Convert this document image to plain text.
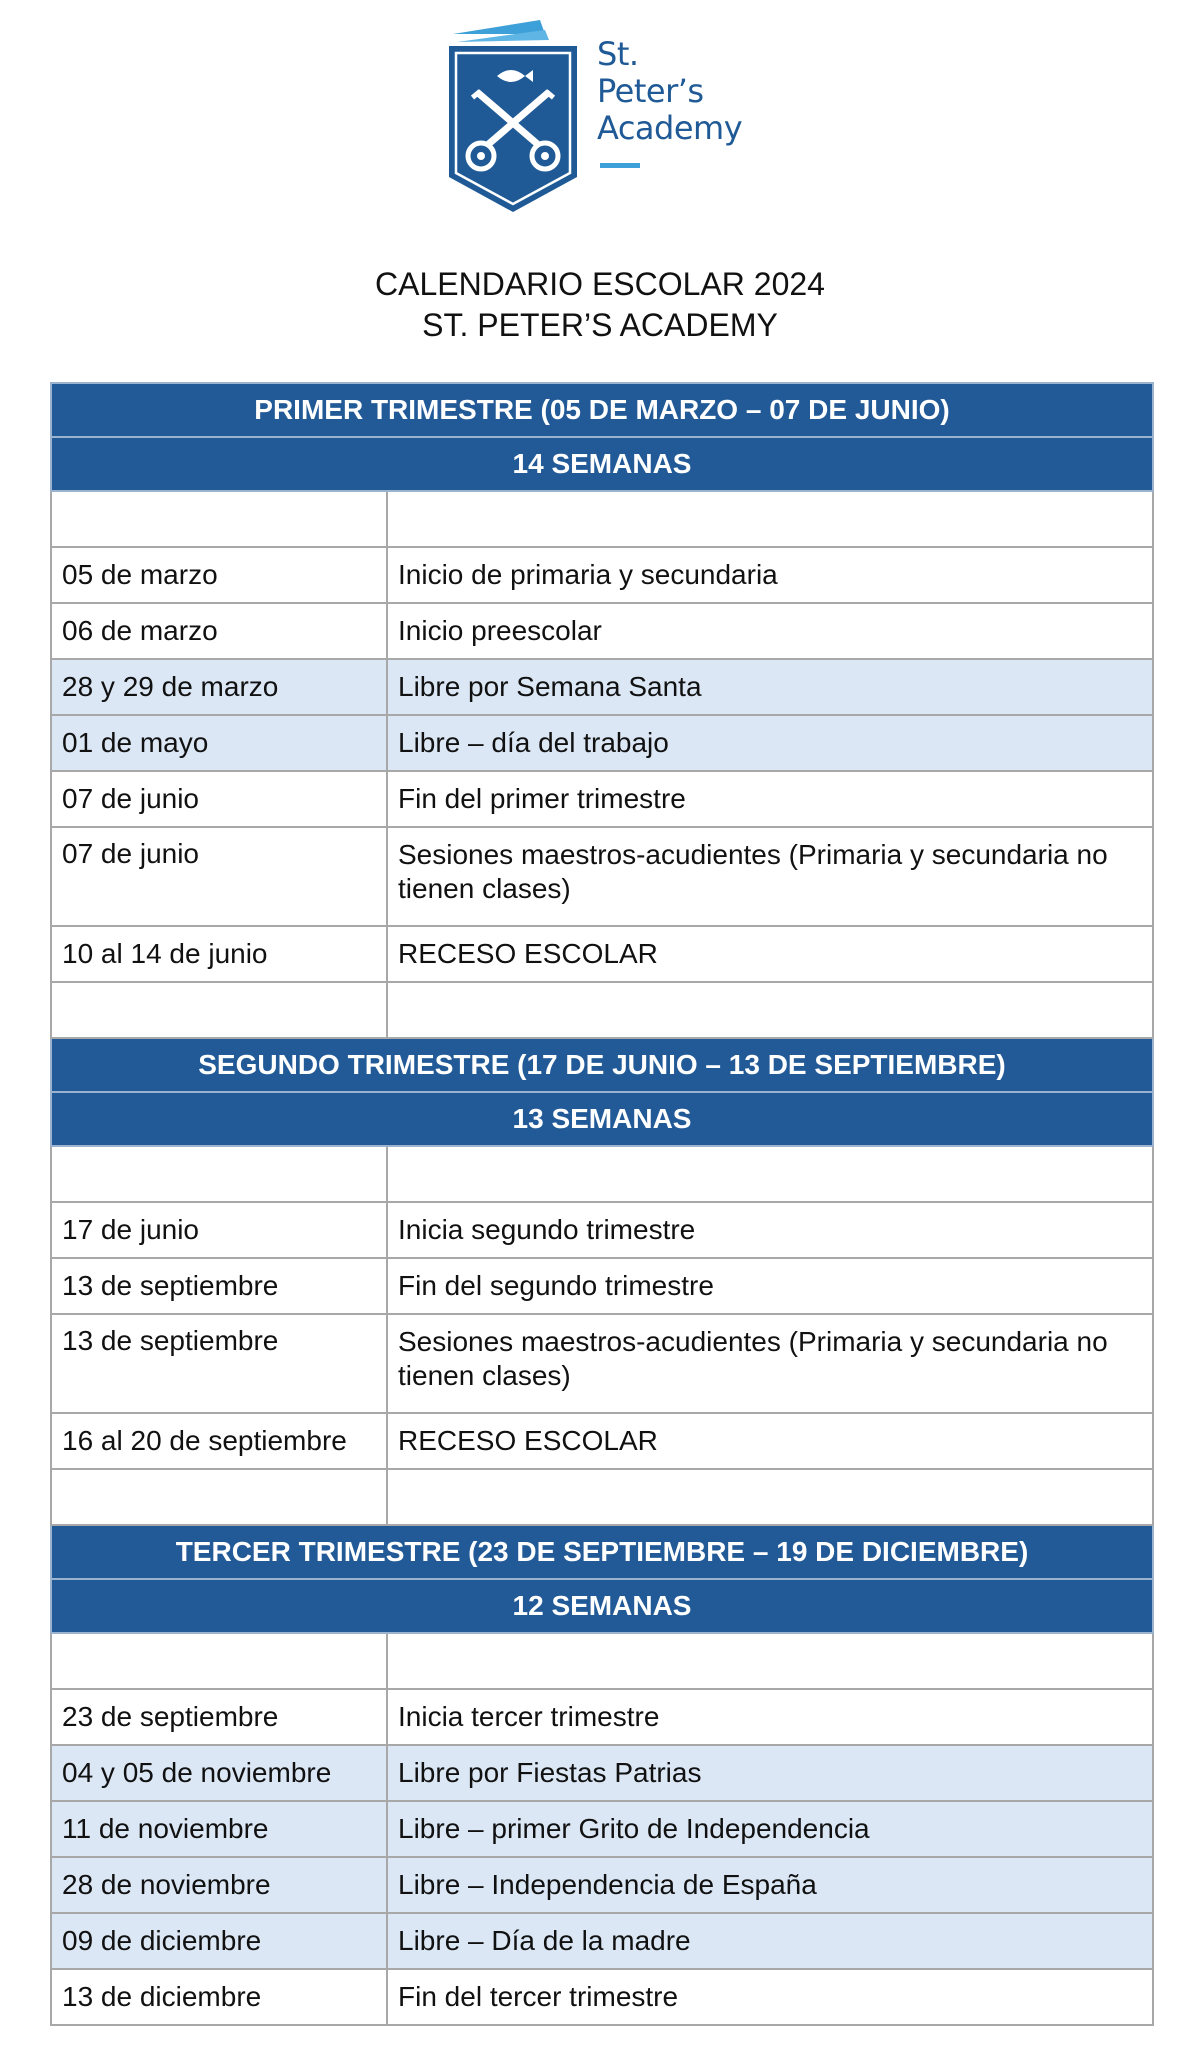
St.
Peter’s
Academy
CALENDARIO ESCOLAR 2024
ST. PETER’S ACADEMY
PRIMER TRIMESTRE (05 DE MARZO – 07 DE JUNIO)	
14 SEMANAS	

05 de marzo	Inicio de primaria y secundaria
06 de marzo	Inicio preescolar
28 y 29 de marzo	Libre por Semana Santa
01 de mayo	Libre – día del trabajo
07 de junio	Fin del primer trimestre
07 de junio	Sesiones maestros-acudientes (Primaria y secundaria no tienen clases)
10 al 14 de junio	RECESO ESCOLAR

SEGUNDO TRIMESTRE (17 DE JUNIO – 13 DE SEPTIEMBRE)	
13 SEMANAS	

17 de junio	Inicia segundo trimestre
13 de septiembre	Fin del segundo trimestre
13 de septiembre	Sesiones maestros-acudientes (Primaria y secundaria no tienen clases)
16 al 20 de septiembre	RECESO ESCOLAR

TERCER TRIMESTRE (23 DE SEPTIEMBRE – 19 DE DICIEMBRE)	
12 SEMANAS	

23 de septiembre	Inicia tercer trimestre
04 y 05 de noviembre	Libre por Fiestas Patrias
11 de noviembre	Libre – primer Grito de Independencia
28 de noviembre	Libre – Independencia de España
09 de diciembre	Libre – Día de la madre
13 de diciembre	Fin del tercer trimestre
